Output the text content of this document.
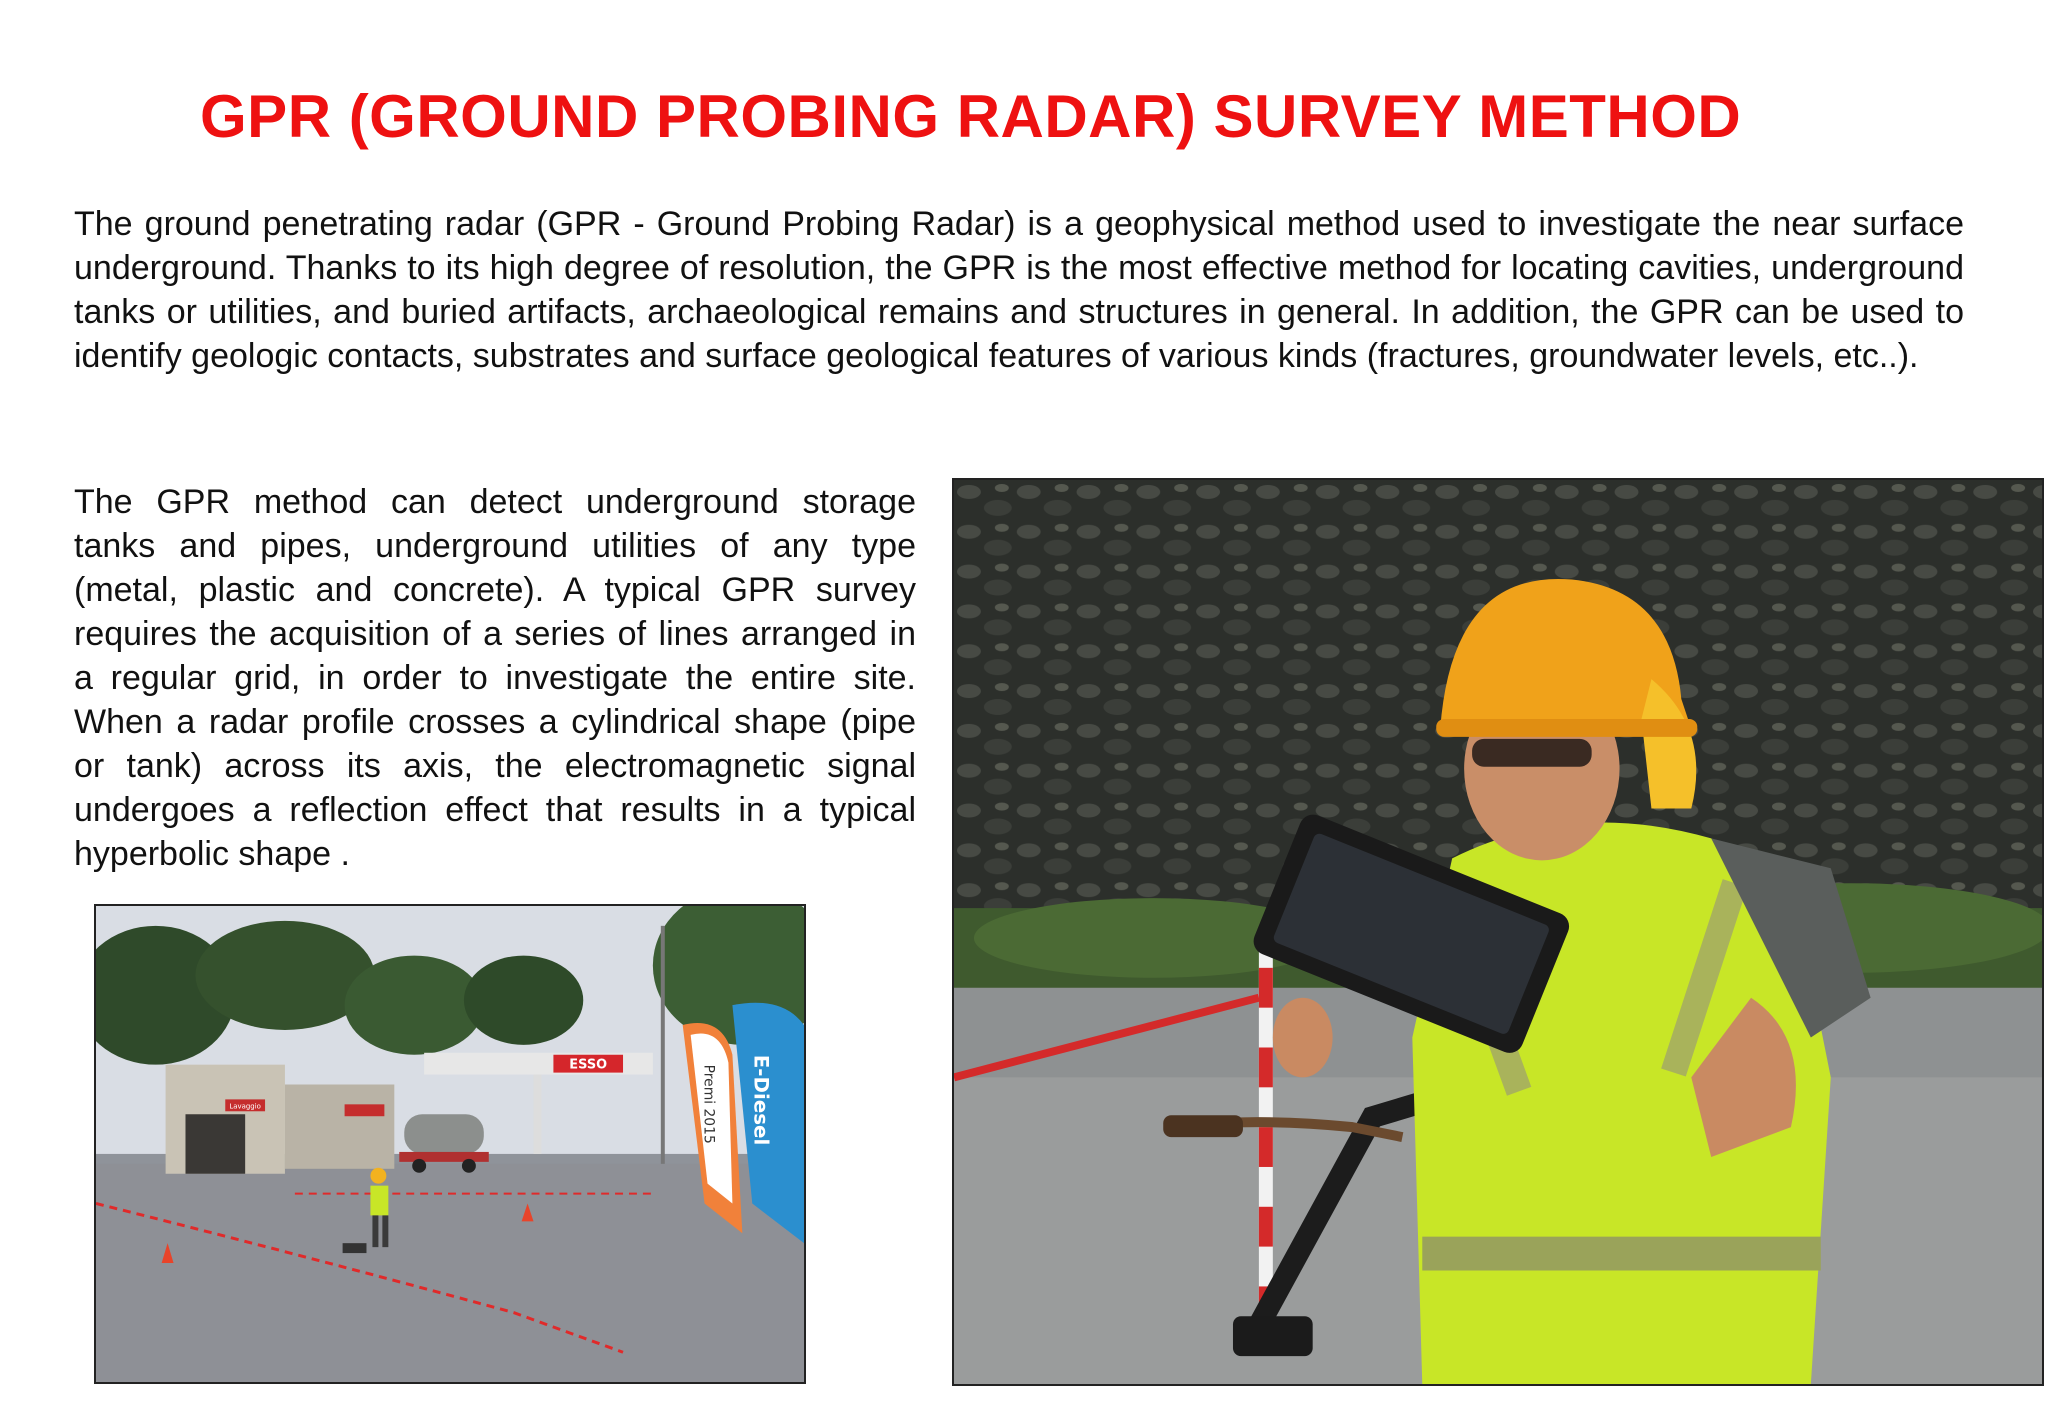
GPR (GROUND PROBING RADAR) SURVEY METHOD

The ground penetrating radar (GPR - Ground Probing Radar) is a geophysical method used to investigate the near surface underground. Thanks to its high degree of resolution, the GPR is the most effective method for locating cavities, underground tanks or utilities, and buried artifacts, archaeological remains and structures in general. In addition, the GPR can be used to identify geologic contacts, substrates and surface geological features of various kinds (fractures, groundwater levels, etc..).

The GPR method can detect underground storage tanks and pipes, underground utilities of any type (metal, plastic and concrete). A typical GPR survey requires the acquisition of a series of lines arranged in a regular grid, in order to investigate the entire site. When a radar profile crosses a cylindrical shape (pipe or tank) across its axis, the electromagnetic signal undergoes a reflection effect that results in a typical hyperbolic shape .

Lavaggio
ESSO	Premi 2015 E-Diesel
